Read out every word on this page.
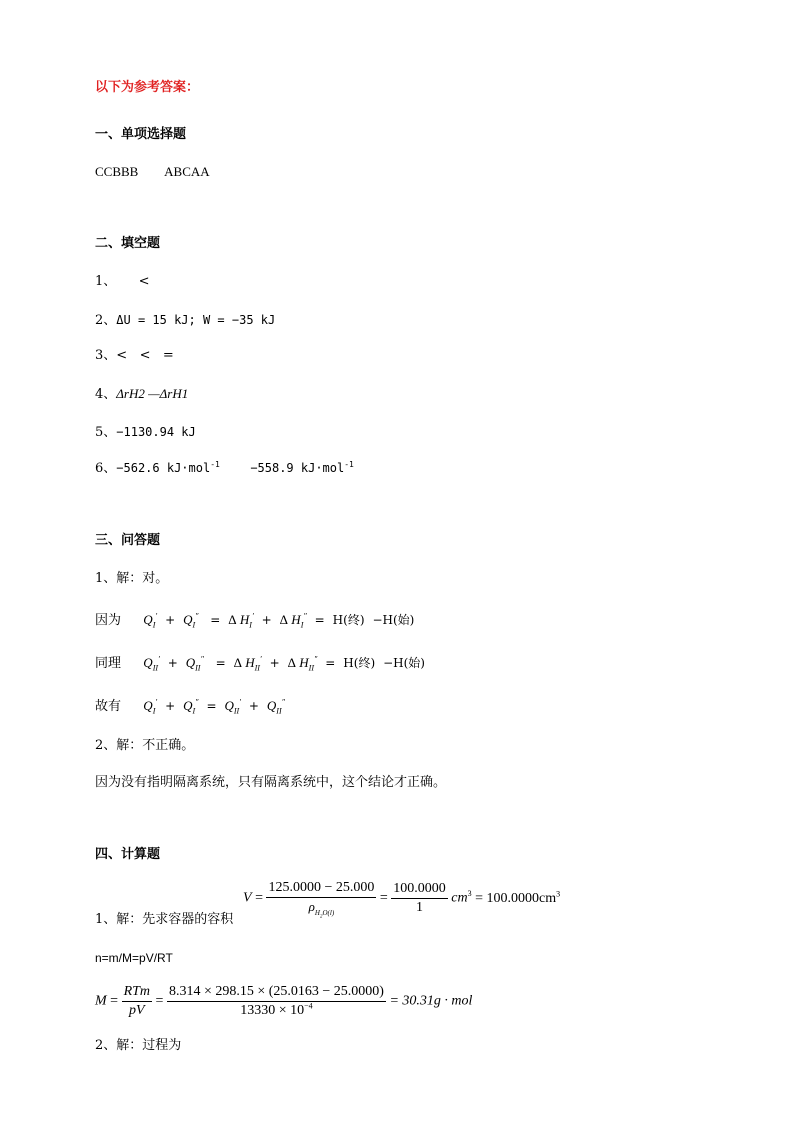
以下为参考答案：
一、单项选择题
CCBBB ABCAA
二、填空题
1、 <
2、ΔU = 15 kJ; W = −35 kJ
3、<   <   =
4、ΔrH2 —ΔrH1
5、−1130.94 kJ
6、−562.6 kJ·mol$^{-1}$	−558.9 kJ·mol$^{-1}$
三、问答题
1、解：对。
因为 $Q_I' + Q_I'' = \Delta$ $H_I' + \Delta$ $H_I'' = H$(终)  −H(始)
同理 $Q_{II}' + Q_{II}'' = \Delta$ $H_{II}' + \Delta$ $H_{II}'' = H$(终)  −H(始)
故有 $Q_I' + Q_I'' = Q_{II}' + Q_{II}''$
2、解：不正确。
因为没有指明隔离系统，只有隔离系统中，这个结论才正确。
四、计算题
$V = \frac{125.0000 - 25.000}{\rho_{H_2O(l)}} = \frac{100.0000}{1} cm^3 = 100.0000cm^3$
1、解：先求容器的容积
n=m/M=pV/RT
$M = \frac{\text{RTm}}{pV} = \frac{8.314 \times 298.15 \times (25.0163 - 25.0000)}{13330 \times 10^{-4}} = 30.31g$ · mol
2、解：过程为
